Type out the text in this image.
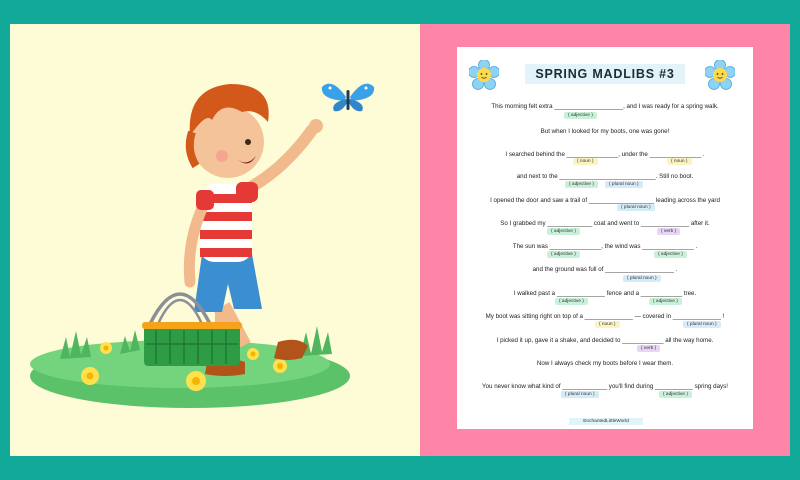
SPRING MADLIBS #3
This morning felt extra ____________________, and I was ready for a spring walk.
( adjective )
But when I looked for my boots, one was gone!
I searched behind the _______________, under the _______________ .
( noun )	( noun )
and next to the ____________________________. Still no boot.
( adjective )	( plural noun )
I opened the door and saw a trail of ___________________ leading across the yard
( plural noun )
So I grabbed my _____________ coat and went to ______________ after it.
( adjective )	( verb )
The sun was _______________, the wind was _______________ .
( adjective )	( adjective )
and the ground was full of ____________________ .
( plural noun )
I walked past a ______________ fence and a ____________ tree.
( adjective )	( adjective )
My boot was sitting right on top of a ______________ — covered in ______________ !
( noun )	( plural noun )
I picked it up, gave it a shake, and decided to ____________ all the way home.
( verb )
Now I always check my boots before I wear them.
You never know what kind of _____________ you'll find during ___________ spring days!
( plural noun )	( adjective )
EnchantedLittleWorld
